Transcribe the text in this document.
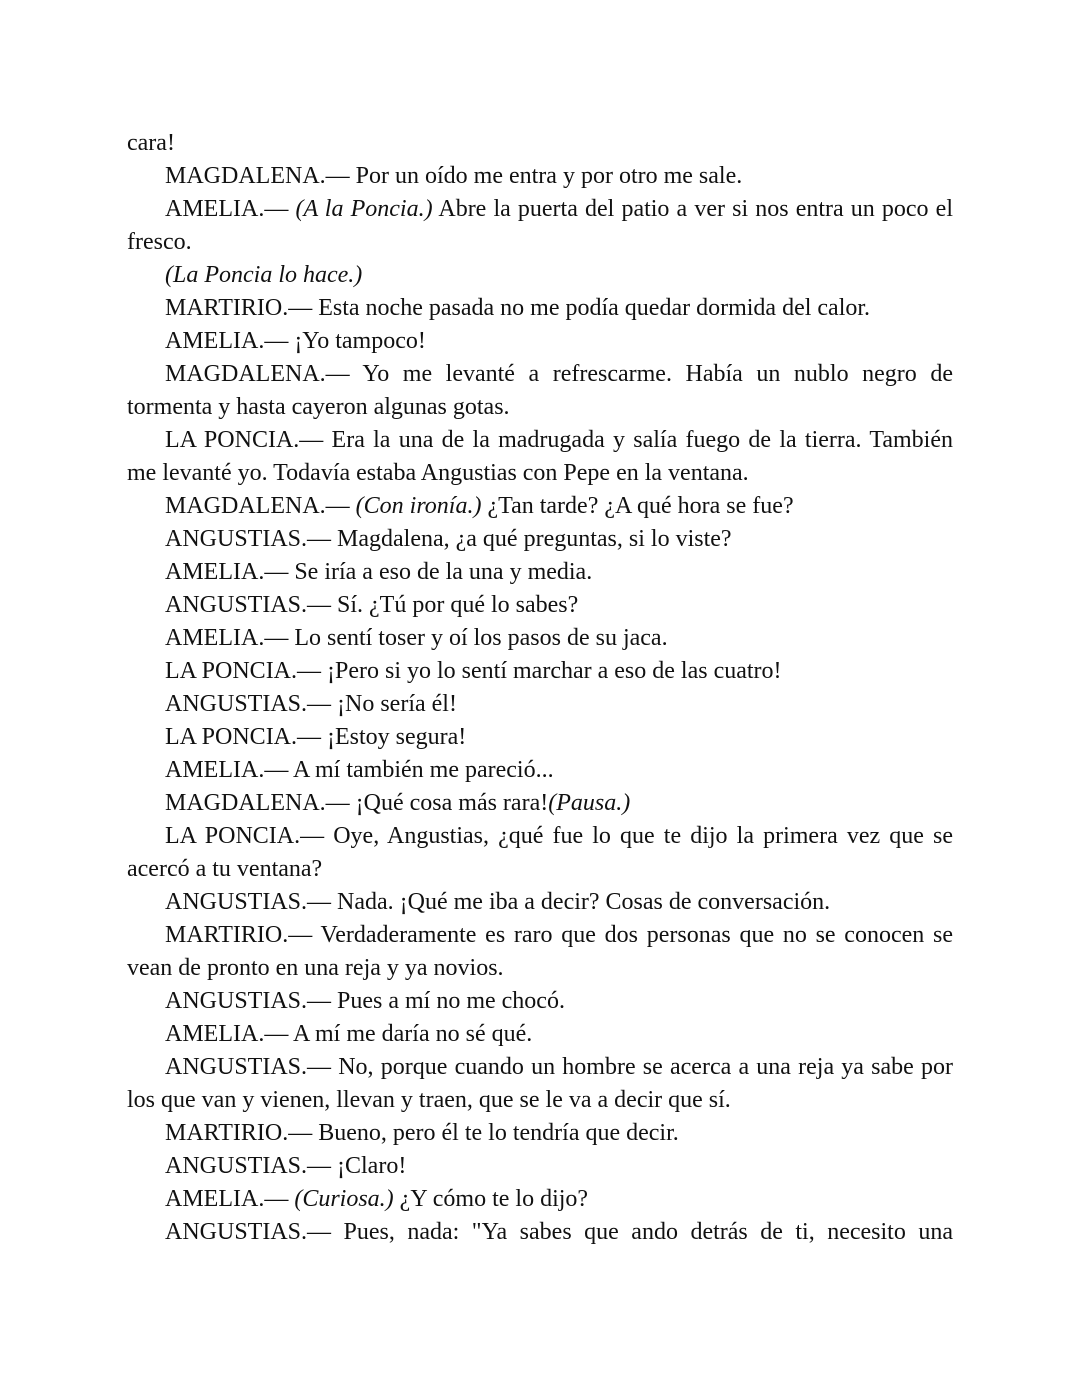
cara!

MAGDALENA.— Por un oído me entra y por otro me sale.

AMELIA.— (A la Poncia.) Abre la puerta del patio a ver si nos entra un poco el fresco.

(La Poncia lo hace.)

MARTIRIO.— Esta noche pasada no me podía quedar dormida del calor.

AMELIA.— ¡Yo tampoco!

MAGDALENA.— Yo me levanté a refrescarme. Había un nublo negro de tormenta y hasta cayeron algunas gotas.

LA PONCIA.— Era la una de la madrugada y salía fuego de la tierra. También me levanté yo. Todavía estaba Angustias con Pepe en la ventana.

MAGDALENA.— (Con ironía.) ¿Tan tarde? ¿A qué hora se fue?

ANGUSTIAS.— Magdalena, ¿a qué preguntas, si lo viste?

AMELIA.— Se iría a eso de la una y media.

ANGUSTIAS.— Sí. ¿Tú por qué lo sabes?

AMELIA.— Lo sentí toser y oí los pasos de su jaca.

LA PONCIA.— ¡Pero si yo lo sentí marchar a eso de las cuatro!

ANGUSTIAS.— ¡No sería él!

LA PONCIA.— ¡Estoy segura!

AMELIA.— A mí también me pareció...

MAGDALENA.— ¡Qué cosa más rara!(Pausa.)

LA PONCIA.— Oye, Angustias, ¿qué fue lo que te dijo la primera vez que se acercó a tu ventana?

ANGUSTIAS.— Nada. ¡Qué me iba a decir? Cosas de conversación.

MARTIRIO.— Verdaderamente es raro que dos personas que no se conocen se vean de pronto en una reja y ya novios.

ANGUSTIAS.— Pues a mí no me chocó.

AMELIA.— A mí me daría no sé qué.

ANGUSTIAS.— No, porque cuando un hombre se acerca a una reja ya sabe por los que van y vienen, llevan y traen, que se le va a decir que sí.

MARTIRIO.— Bueno, pero él te lo tendría que decir.

ANGUSTIAS.— ¡Claro!

AMELIA.— (Curiosa.) ¿Y cómo te lo dijo?

ANGUSTIAS.— Pues, nada: "Ya sabes que ando detrás de ti, necesito una
